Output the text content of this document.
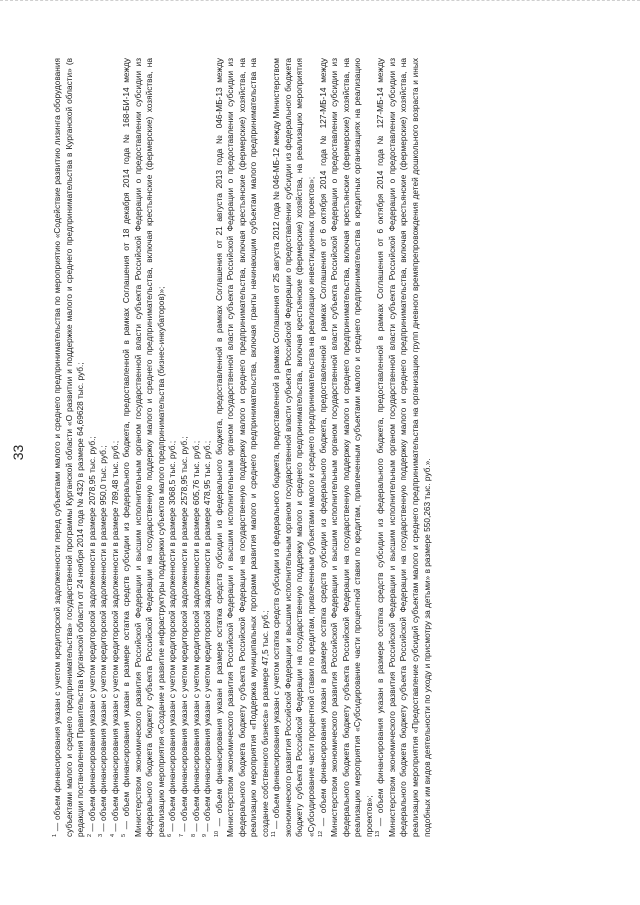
33

$^1$ — объем финансирования указан с учетом кредиторской задолженности перед субъектами малого и среднего предпринимательства по мероприятию «Содействие развитию лизинга оборудования субъектами малого и среднего предпринимательства» государственной программы Курганской области «О развитии и поддержке малого и среднего предпринимательства в Курганской области» (в редакции постановления Правительства Курганской области от 24 ноября 2014 года № 432) в размере 64,69628 тыс. руб.; $^2$ — объем финансирования указан с учетом кредиторской задолженности в размере 2078,95 тыс. руб.;

$^3$ — объем финансирования указан с учетом кредиторской задолженности в размере 950,0 тыс. руб.;

$^4$ — объем финансирования указан с учетом кредиторской задолженности в размере 789,48 тыс. руб.;

$^5$ — объем финансирования указан в размере остатка средств субсидии из федерального бюджета, предоставленной в рамках Соглашения от 18 декабря 2014 года № 168-БИ-14 между Министерством экономического развития Российской Федерации и высшим исполнительным органом государственной власти субъекта Российской Федерации о предоставлении субсидии из федерального бюджета бюджету субъекта Российской Федерации на государственную поддержку малого и среднего предпринимательства, включая крестьянские (фермерские) хозяйства, на реализацию мероприятия «Создание и развитие инфраструктуры поддержки субъектов малого предпринимательства (бизнес-инкубаторов)»; $^6$ — объем финансирования указан с учетом кредиторской задолженности в размере 3068,5 тыс. руб.;

$^7$ — объем финансирования указан с учетом кредиторской задолженности в размере 2578,95 тыс. руб.;

$^8$ — объем финансирования указан с учетом кредиторской задолженности в размере 605,76 тыс. руб.;

$^9$ — объем финансирования указан с учетом кредиторской задолженности в размере 478,95 тыс. руб.;

$^{10}$ — объем финансирования указан в размере остатка средств субсидии из федерального бюджета, предоставленной в рамках Соглашения от 21 августа 2013 года № 046-МБ-13 между Министерством экономического развития Российской Федерации и высшим исполнительным органом государственной власти субъекта Российской Федерации о предоставлении субсидии из федерального бюджета бюджету субъекта Российской Федерации на государственную поддержку малого и среднего предпринимательства, включая крестьянские (фермерские) хозяйства, на реализацию мероприятия «Поддержка муниципальных программ развития малого и среднего предпринимательства, включая гранты начинающим субъектам малого предпринимательства на создание собственного бизнеса» в размере 47,5 тыс. руб.; $^{11}$ — объем финансирования указан с учетом остатка средств субсидии из федерального бюджета, предоставленной в рамках Соглашения от 25 августа 2012 года № 046-МБ-12 между Министерством экономического развития Российской Федерации и высшим исполнительным органом государственной власти субъекта Российской Федерации о предоставлении субсидии из федерального бюджета бюджету субъекта Российской Федерации на государственную поддержку малого и среднего предпринимательства, включая крестьянские (фермерские) хозяйства, на реализацию мероприятия «Субсидирование части процентной ставки по кредитам, привлеченным субъектами малого и среднего предпринимательства на реализацию инвестиционных проектов»; $^{12}$ — объем финансирования указан в размере остатка средств субсидии из федерального бюджета, предоставленной в рамках Соглашения от 6 октября 2014 года № 127-МБ-14 между Министерством экономического развития Российской Федерации и высшим исполнительным органом государственной власти субъекта Российской Федерации о предоставлении субсидии из федерального бюджета бюджету субъекта Российской Федерации на государственную поддержку малого и среднего предпринимательства, включая крестьянские (фермерские) хозяйства, на реализацию мероприятия «Субсидирование части процентной ставки по кредитам, привлеченным субъектами малого и среднего предпринимательства в кредитных организациях на реализацию проектов»; $^{13}$ — объем финансирования указан в размере остатка средств субсидии из федерального бюджета, предоставленной в рамках Соглашения от 6 октября 2014 года № 127-МБ-14 между Министерством экономического развития Российской Федерации и высшим исполнительным органом государственной власти субъекта Российской Федерации о предоставлении субсидии из федерального бюджета бюджету субъекта Российской Федерации на государственную поддержку малого и среднего предпринимательства, включая крестьянские (фермерские) хозяйства, на реализацию мероприятия «Предоставление субсидий субъектам малого и среднего предпринимательства на организацию групп дневного времяпрепровождения детей дошкольного возраста и иных подобных им видов деятельности по уходу и присмотру за детьми» в размере 550,263 тыс. руб.».
